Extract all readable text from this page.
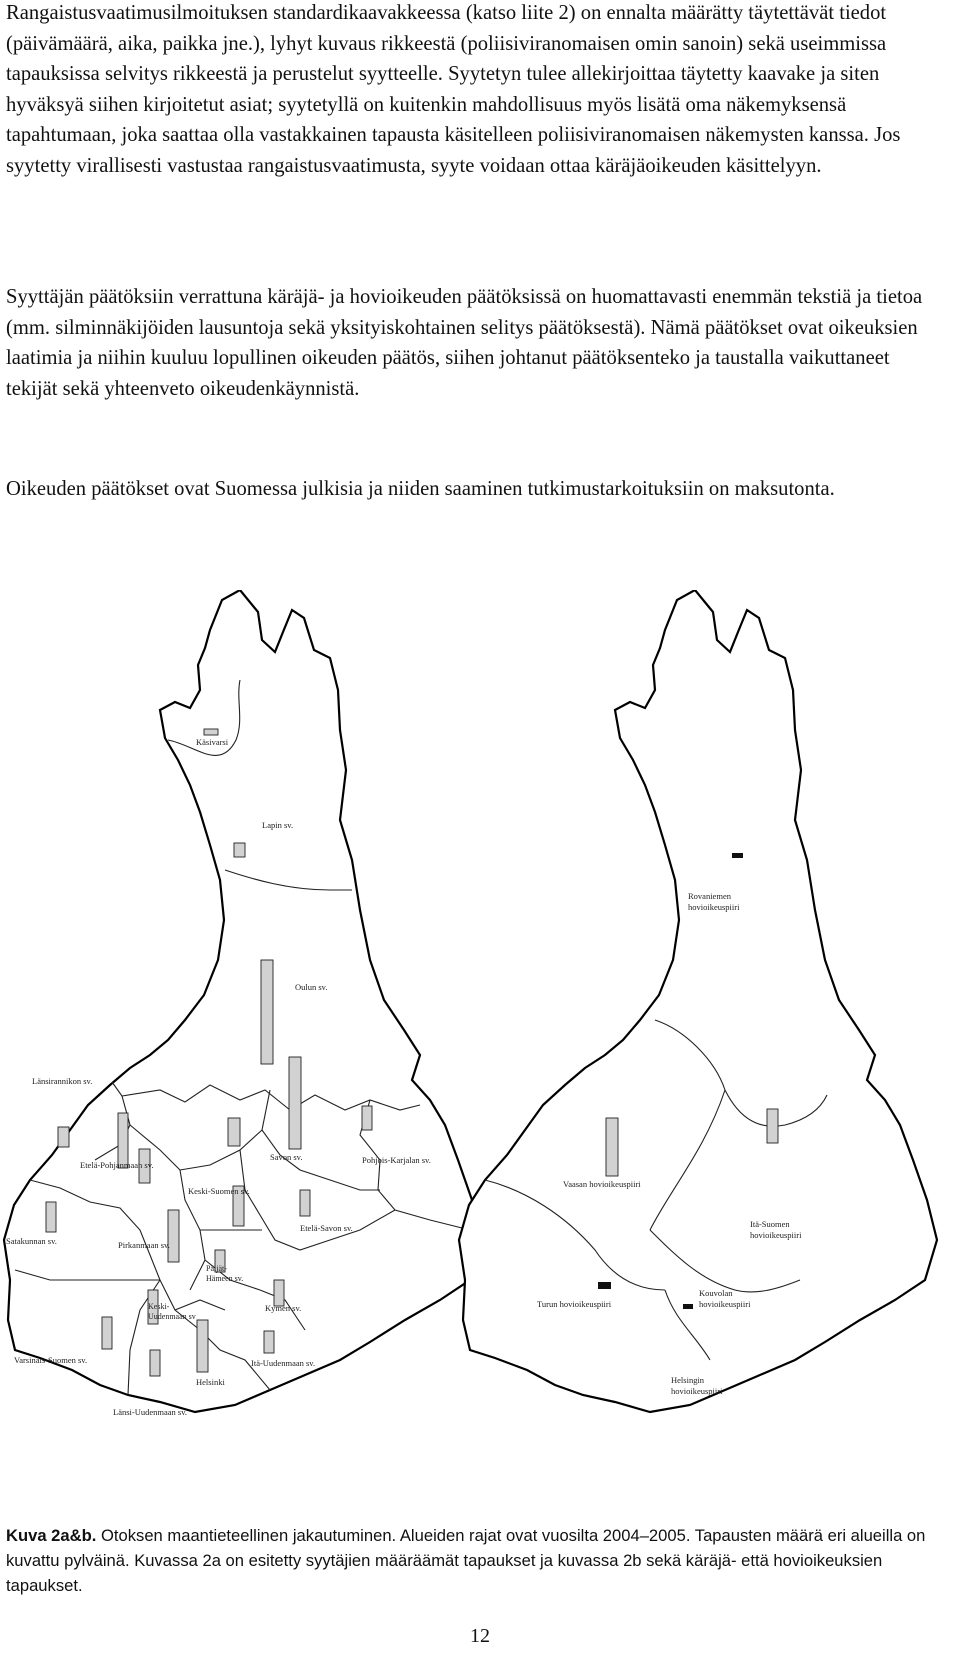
Rangaistusvaatimusilmoituksen standardikaavakkeessa (katso liite 2) on ennalta määrätty täytettävät tiedot (päivämäärä, aika, paikka jne.), lyhyt kuvaus rikkeestä (poliisiviranomaisen omin sanoin) sekä useimmissa tapauksissa selvitys rikkeestä ja perustelut syytteelle. Syytetyn tulee allekirjoittaa täytetty kaavake ja siten hyväksyä siihen kirjoitetut asiat; syytetyllä on kuitenkin mahdollisuus myös lisätä oma näkemyksensä tapahtumaan, joka saattaa olla vastakkainen tapausta käsitelleen poliisiviranomaisen näkemysten kanssa. Jos syytetty virallisesti vastustaa rangaistusvaatimusta, syyte voidaan ottaa käräjäoikeuden käsittelyyn.

Syyttäjän päätöksiin verrattuna käräjä- ja hovioikeuden päätöksissä on huomattavasti enemmän tekstiä ja tietoa (mm. silminnäkijöiden lausuntoja sekä yksityiskohtainen selitys päätöksestä). Nämä päätökset ovat oikeuksien laatimia ja niihin kuuluu lopullinen oikeuden päätös, siihen johtanut päätöksenteko ja taustalla vaikuttaneet tekijät sekä yhteenveto oikeudenkäynnistä.

Oikeuden päätökset ovat Suomessa julkisia ja niiden saaminen tutkimustarkoituksiin on maksutonta.

Käsivarsi
Lapin sv.
Oulun sv.
Länsirannikon sv.
Etelä-Pohjanmaan sv.
Savon sv.	Pohjois-Karjalan sv.
Keski-Suomen sv.
Etelä-Savon sv.
Satakunnan sv.	Pirkanmaan sv.
Päijät-
Hämeen sv.
Keski-
Uudenmaan sv
Kymen sv.
Varsinais-Suomen sv.
Helsinki
Itä-Uudenmaan sv.
Länsi-Uudenmaan sv.
Rovaniemen
hovioikeuspiiri
Vaasan hovioikeuspiiri
Itä-Suomen
hovioikeuspiiri
Turun hovioikeuspiiri
Kouvolan
hovioikeuspiiri
Helsingin
hovioikeuspiiri

Kuva 2a&b. Otoksen maantieteellinen jakautuminen. Alueiden rajat ovat vuosilta 2004–2005. Tapausten määrä eri alueilla on kuvattu pylväinä. Kuvassa 2a on esitetty syytäjien määräämät tapaukset ja kuvassa 2b sekä käräjä- että hovioikeuksien tapaukset.

12
